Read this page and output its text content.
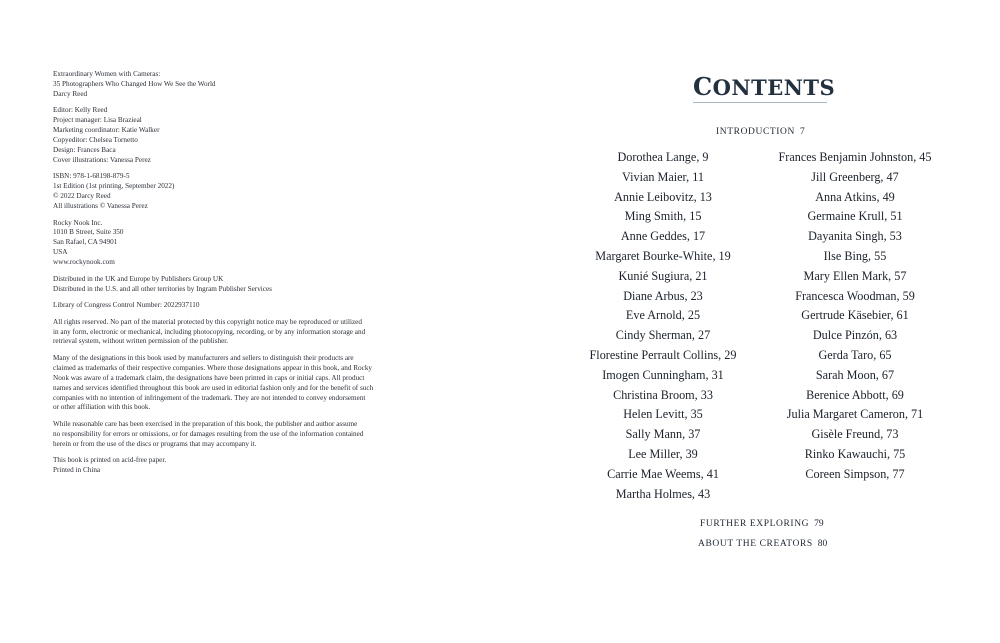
Extraordinary Women with Cameras:
35 Photographers Who Changed How We See the World
Darcy Reed

Editor: Kelly Reed
Project manager: Lisa Brazieal
Marketing coordinator: Katie Walker
Copyeditor: Chelsea Tornetto
Design: Frances Baca
Cover illustrations: Vanessa Perez

ISBN: 978-1-68198-879-5
1st Edition (1st printing, September 2022)
© 2022 Darcy Reed
All illustrations © Vanessa Perez

Rocky Nook Inc.
1010 B Street, Suite 350
San Rafael, CA 94901
USA
www.rockynook.com

Distributed in the UK and Europe by Publishers Group UK
Distributed in the U.S. and all other territories by Ingram Publisher Services

Library of Congress Control Number: 2022937110

All rights reserved. No part of the material protected by this copyright notice may be reproduced or utilized
in any form, electronic or mechanical, including photocopying, recording, or by any information storage and
retrieval system, without written permission of the publisher.

Many of the designations in this book used by manufacturers and sellers to distinguish their products are
claimed as trademarks of their respective companies. Where those designations appear in this book, and Rocky
Nook was aware of a trademark claim, the designations have been printed in caps or initial caps. All product
names and services identified throughout this book are used in editorial fashion only and for the benefit of such
companies with no intention of infringement of the trademark. They are not intended to convey endorsement
or other affiliation with this book.

While reasonable care has been exercised in the preparation of this book, the publisher and author assume
no responsibility for errors or omissions, or for damages resulting from the use of the information contained
herein or from the use of the discs or programs that may accompany it.

This book is printed on acid-free paper.
Printed in China

CONTENTS
INTRODUCTION 7
Dorothea Lange, 9
Vivian Maier, 11
Annie Leibovitz, 13
Ming Smith, 15
Anne Geddes, 17
Margaret Bourke-White, 19
Kunié Sugiura, 21
Diane Arbus, 23
Eve Arnold, 25
Cindy Sherman, 27
Florestine Perrault Collins, 29
Imogen Cunningham, 31
Christina Broom, 33
Helen Levitt, 35
Sally Mann, 37
Lee Miller, 39
Carrie Mae Weems, 41
Martha Holmes, 43
Frances Benjamin Johnston, 45
Jill Greenberg, 47
Anna Atkins, 49
Germaine Krull, 51
Dayanita Singh, 53
Ilse Bing, 55
Mary Ellen Mark, 57
Francesca Woodman, 59
Gertrude Käsebier, 61
Dulce Pinzón, 63
Gerda Taro, 65
Sarah Moon, 67
Berenice Abbott, 69
Julia Margaret Cameron, 71
Gisèle Freund, 73
Rinko Kawauchi, 75
Coreen Simpson, 77
FURTHER EXPLORING 79
ABOUT THE CREATORS 80
